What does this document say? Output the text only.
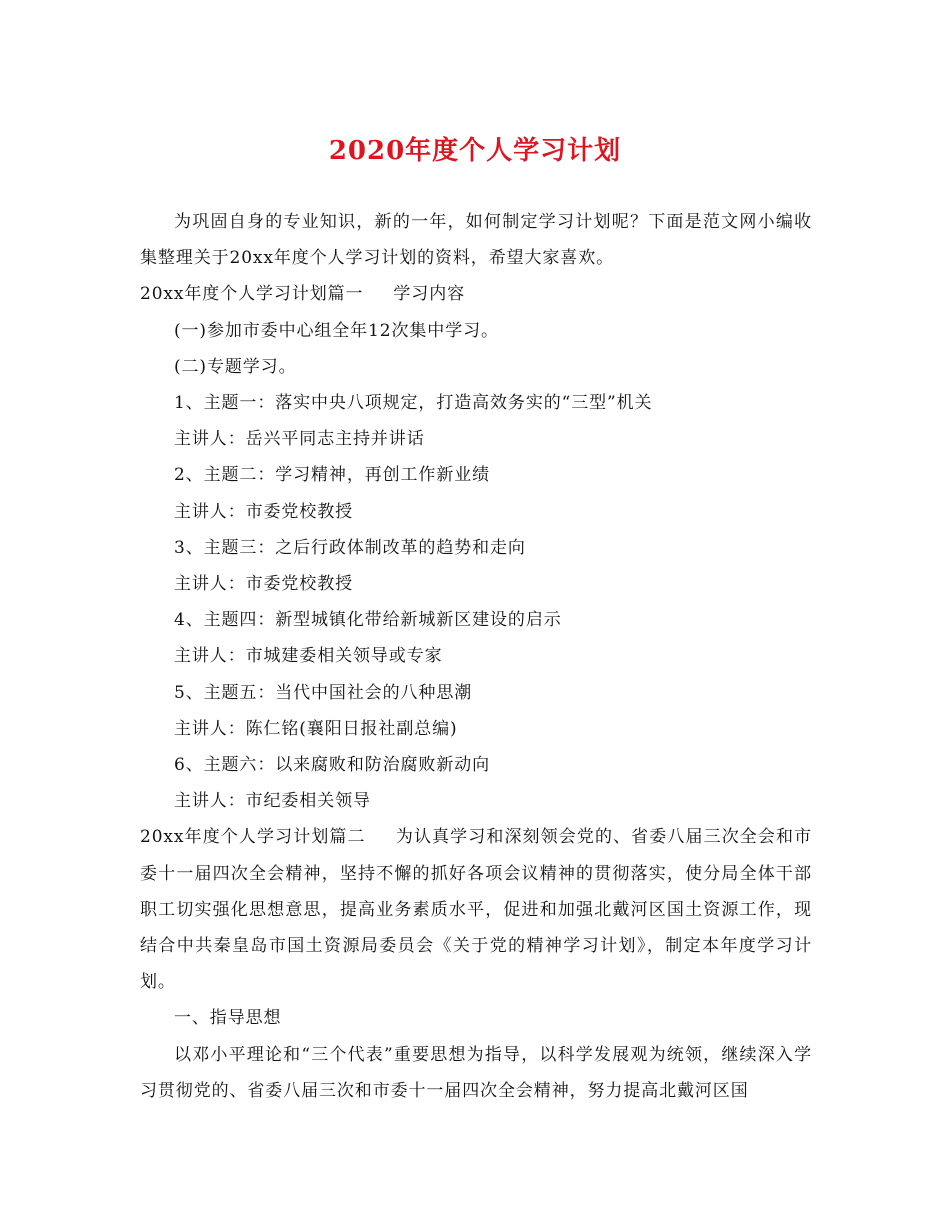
2020年度个人学习计划

为巩固自身的专业知识，新的一年，如何制定学习计划呢？下面是范文网小编收集整理关于20xx年度个人学习计划的资料，希望大家喜欢。

20xx年度个人学习计划篇一 学习内容

(一)参加市委中心组全年12次集中学习。

(二)专题学习。

1、主题一：落实中央八项规定，打造高效务实的“三型”机关

主讲人：岳兴平同志主持并讲话

2、主题二：学习精神，再创工作新业绩

主讲人：市委党校教授

3、主题三：之后行政体制改革的趋势和走向

主讲人：市委党校教授

4、主题四：新型城镇化带给新城新区建设的启示

主讲人：市城建委相关领导或专家

5、主题五：当代中国社会的八种思潮

主讲人：陈仁铭(襄阳日报社副总编)

6、主题六：以来腐败和防治腐败新动向

主讲人：市纪委相关领导

20xx年度个人学习计划篇二 为认真学习和深刻领会党的、省委八届三次全会和市委十一届四次全会精神，坚持不懈的抓好各项会议精神的贯彻落实，使分局全体干部职工切实强化思想意思，提高业务素质水平，促进和加强北戴河区国土资源工作，现结合中共秦皇岛市国土资源局委员会《关于党的精神学习计划》，制定本年度学习计划。

一、指导思想

以邓小平理论和“三个代表”重要思想为指导，以科学发展观为统领，继续深入学习贯彻党的、省委八届三次和市委十一届四次全会精神，努力提高北戴河区国
